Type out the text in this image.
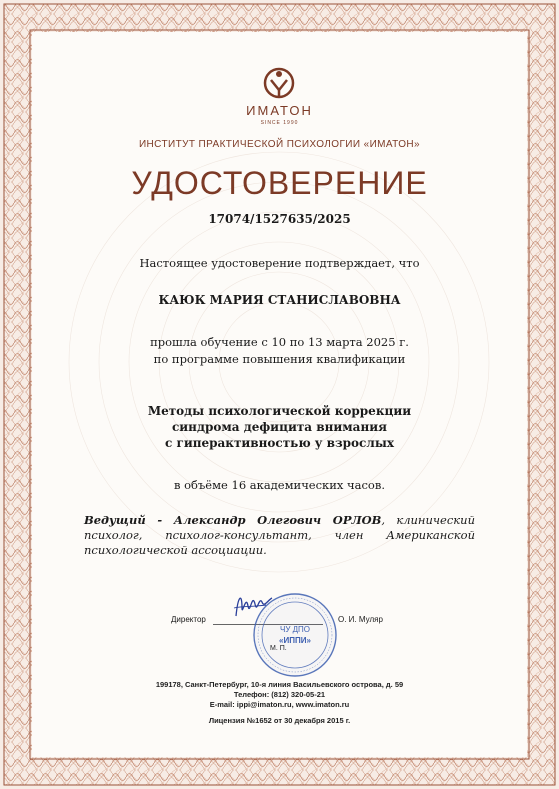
ИМАТОН
SINCE 1990
ИНСТИТУТ ПРАКТИЧЕСКОЙ ПСИХОЛОГИИ «ИМАТОН»
УДОСТОВЕРЕНИЕ
17074/1527635/2025
Настоящее удостоверение подтверждает, что
КАЮК МАРИЯ СТАНИСЛАВОВНА
прошла обучение с 10 по 13 марта 2025 г.
по программе повышения квалификации
Методы психологической коррекции
синдрома дефицита внимания
с гиперактивностью у взрослых
в объёме 16 академических часов.
Ведущий - Александр Олегович ОРЛОВ, клинический психолог, психолог-консультант, член Американской психологической ассоциации.
Директор	О. И. Муляр
ЧУ ДПО
«ИППИ»
199178, Санкт-Петербург, 10-я линия Васильевского острова, д. 59
Телефон: (812) 320-05-21
E-mail: ippi@imaton.ru, www.imaton.ru
Лицензия №1652 от 30 декабря 2015 г.
